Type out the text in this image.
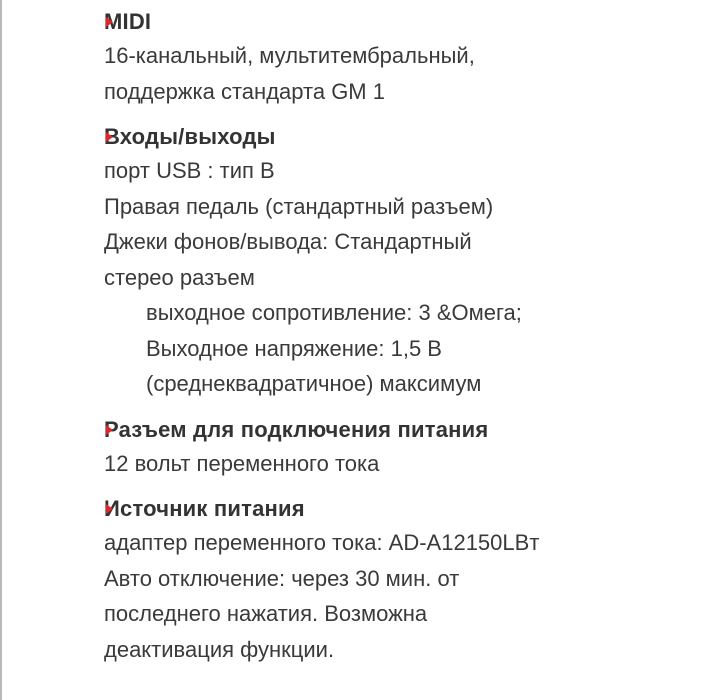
MIDI
16-канальный, мультитембральный,
поддержка стандарта GM 1
Входы/выходы
порт USB : тип В
Правая педаль (стандартный разъем)
Джеки фонов/вывода: Стандартный
стерео разъем
выходное сопротивление: 3 &Омега;
Выходное напряжение: 1,5 В
(среднеквадратичное) максимум
Разъем для подключения питания
12 вольт переменного тока
Источник питания
адаптер переменного тока: AD-A12150LBт
Авто отключение: через 30 мин. от
последнего нажатия. Возможна
деактивация функции.
